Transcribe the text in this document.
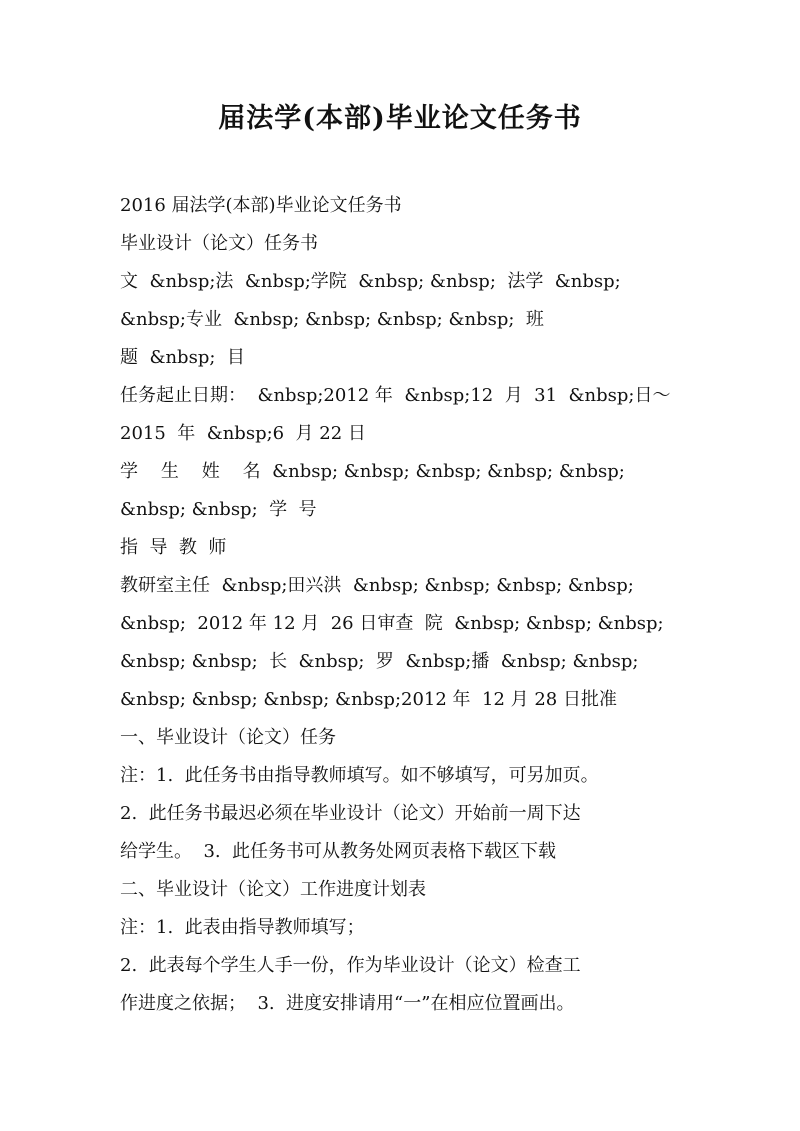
届法学(本部)毕业论文任务书
2016 届法学(本部)毕业论文任务书
毕业设计（论文）任务书
文  &nbsp;法  &nbsp;学院  &nbsp; &nbsp;  法学  &nbsp;
&nbsp;专业  &nbsp; &nbsp; &nbsp; &nbsp;  班
题  &nbsp;  目
任务起止日期：  &nbsp;2012 年  &nbsp;12  月  31  &nbsp;日～
2015  年  &nbsp;6  月 22 日
学    生    姓    名  &nbsp; &nbsp; &nbsp; &nbsp; &nbsp;
&nbsp; &nbsp;  学  号
指  导  教  师
教研室主任  &nbsp;田兴洪  &nbsp; &nbsp; &nbsp; &nbsp;
&nbsp;  2012 年 12 月  26 日审查  院  &nbsp; &nbsp; &nbsp;
&nbsp; &nbsp;  长  &nbsp;  罗  &nbsp;播  &nbsp; &nbsp;
&nbsp; &nbsp; &nbsp; &nbsp;2012 年  12 月 28 日批准
一、毕业设计（论文）任务
注：1.  此任务书由指导教师填写。如不够填写，可另加页。
2.  此任务书最迟必须在毕业设计（论文）开始前一周下达
给学生。  3.  此任务书可从教务处网页表格下载区下载
二、毕业设计（论文）工作进度计划表
注：1.  此表由指导教师填写；
2.  此表每个学生人手一份，作为毕业设计（论文）检查工
作进度之依据；  3.  进度安排请用“一”在相应位置画出。
